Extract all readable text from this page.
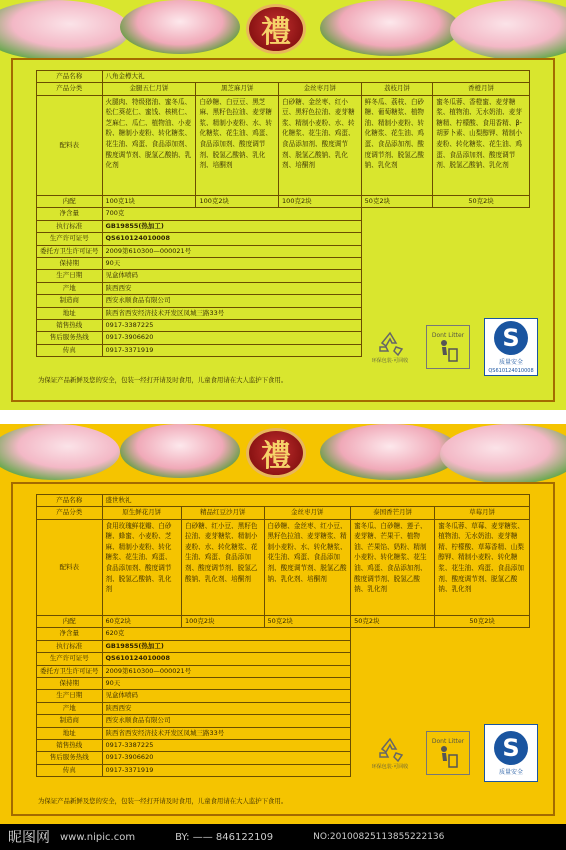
禮
产品名称	八角金樽大礼				
产品分类	金腿五仁月饼	黑芝麻月饼	金丝枣月饼	荔枝月饼	香橙月饼
配料表	火腿肉、特级猪油、蜜冬瓜、松仁葵花仁、蜜饯、核桃仁、芝麻仁、瓜仁、植物油、小麦粉、糖制小麦粉、转化糖浆、花生油、鸡蛋、食品添加剂、酸度调节剂、脱氢乙酸钠、乳化剂	白砂糖、白豆豆、黑芝麻、黑籽色拉油、麦芽糖浆、精制小麦粉、水、转化糖浆、花生油、鸡蛋、食品添加剂、酸度调节剂、脱氢乙酸钠、乳化剂、培酮剂	白砂糖、金丝枣、红小豆、黑籽色拉油、麦芽糖浆、精制小麦粉、水、转化糖浆、花生油、鸡蛋、食品添加剂、酸度调节剂、脱氢乙酸钠、乳化剂、培酮剂	鲜冬瓜、荔枝、白砂糖、葡萄糖浆、植物油、精制小麦粉、转化糖浆、花生油、鸡蛋、食品添加剂、酸度调节剂、脱氢乙酸钠、乳化剂	蜜冬瓜蓉、香橙蜜、麦芽糖浆、植物油、无水奶油、麦芽糖精、柠檬酸、食用香精、β-胡萝卜素、山梨醇钾、精制小麦粉、转化糖浆、花生油、鸡蛋、食品添加剂、酸度调节剂、脱氢乙酸钠、乳化剂
内配	100克1块	100克2块	100克2块	50克2块	50克2块
净含量	700克				
执行标准	GB19855(热加工)				
生产许可证号	QS610124010008				
委托方卫生许可证号	2009第610300—000021号				
保持期	90天				
生产日期	见盒体喷码				
产地	陕西西安				
制造商	西安永顺食品有限公司				
地址	陕西省西安经济技术开发区凤城三路33号				
销售热线	0917-3387225				
售后服务热线	0917-3906620				
传真	0917-3371919				
环保包装·可回收
Dont Litter	S
质量安全
QS610124010008
为保证产品新鲜及您的安全，包装一经打开请及时食用，儿童食用请在大人监护下食用。
禮
产品名称	盛世秋礼				
产品分类	原生鲜花月饼	精品红豆沙月饼	金丝枣月饼	泰国香芒月饼	草莓月饼
配料表	食用玫瑰鲜花瓣、白砂糖、蜂蜜、小麦粉、芝麻、精制小麦粉、转化糖浆、花生油、鸡蛋、食品添加剂、酸度调节剂、脱氢乙酸钠、乳化剂	白砂糖、红小豆、黑籽色拉油、麦芽糖浆、精制小麦粉、水、转化糖浆、花生油、鸡蛋、食品添加剂、酸度调节剂、脱氢乙酸钠、乳化剂、培酮剂	白砂糖、金丝枣、红小豆、黑籽色拉油、麦芽糖浆、精制小麦粉、水、转化糖浆、花生油、鸡蛋、食品添加剂、酸度调节剂、脱氢乙酸钠、乳化剂、培酮剂	蜜冬瓜、白砂糖、莲子、麦芽糖、芒果干、植物油、芒果馅、奶粉、精制小麦粉、转化糖浆、花生油、鸡蛋、食品添加剂、酸度调节剂、脱氢乙酸钠、乳化剂	蜜冬瓜蓉、草莓、麦芽糖浆、植物油、无水奶油、麦芽糖精、柠檬酸、草莓香精、山梨醇钾、精制小麦粉、转化糖浆、花生油、鸡蛋、食品添加剂、酸度调节剂、脱氢乙酸钠、乳化剂
内配	60克2块	100克2块	50克2块	50克2块	50克2块
净含量	620克				
执行标准	GB19855(热加工)				
生产许可证号	QS610124010008				
委托方卫生许可证号	2009第610300—000021号				
保持期	90天				
生产日期	见盒体喷码				
产地	陕西西安				
制造商	西安永顺食品有限公司				
地址	陕西省西安经济技术开发区凤城三路33号				
销售热线	0917-3387225				
售后服务热线	0917-3906620				
传真	0917-3371919					环保包装·可回收
Dont Litter	S
质量安全
为保证产品新鲜及您的安全，包装一经打开请及时食用，儿童食用请在大人监护下食用。
昵图网 www.nipic.com	BY: —— 846122109	NO:20100825113855222136
